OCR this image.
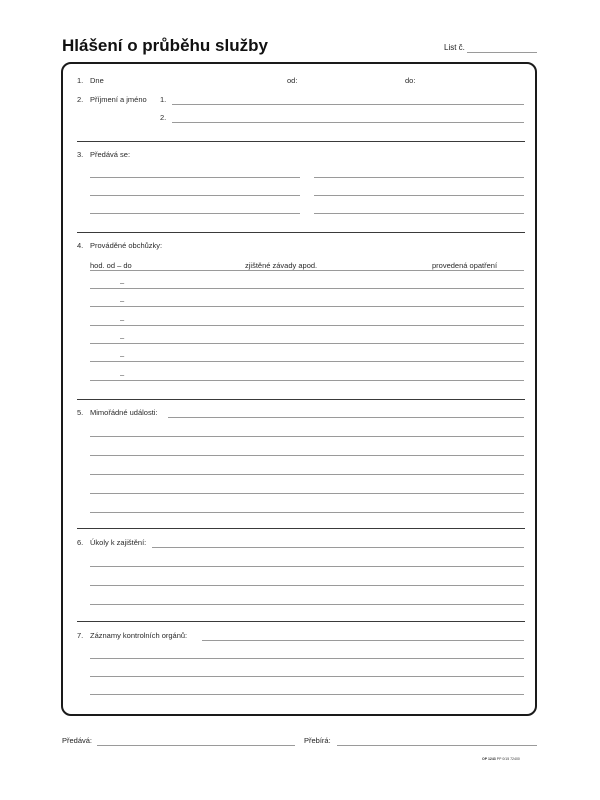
Hlášení o průběhu služby	List č.
1. Dne	od:	do:
2. Příjmení a jméno 1.
2.
3. Předává se:
4. Prováděné obchůzky:
hod. od – do	zjištěné závady apod.	provedená opatření
–
–
–
–
–
–
5. Mimořádné události:
6. Úkoly k zajištění:
7. Záznamy kontrolních orgánů:
Předává:	Přebírá:
OP 1243 PP 0/15 72400
